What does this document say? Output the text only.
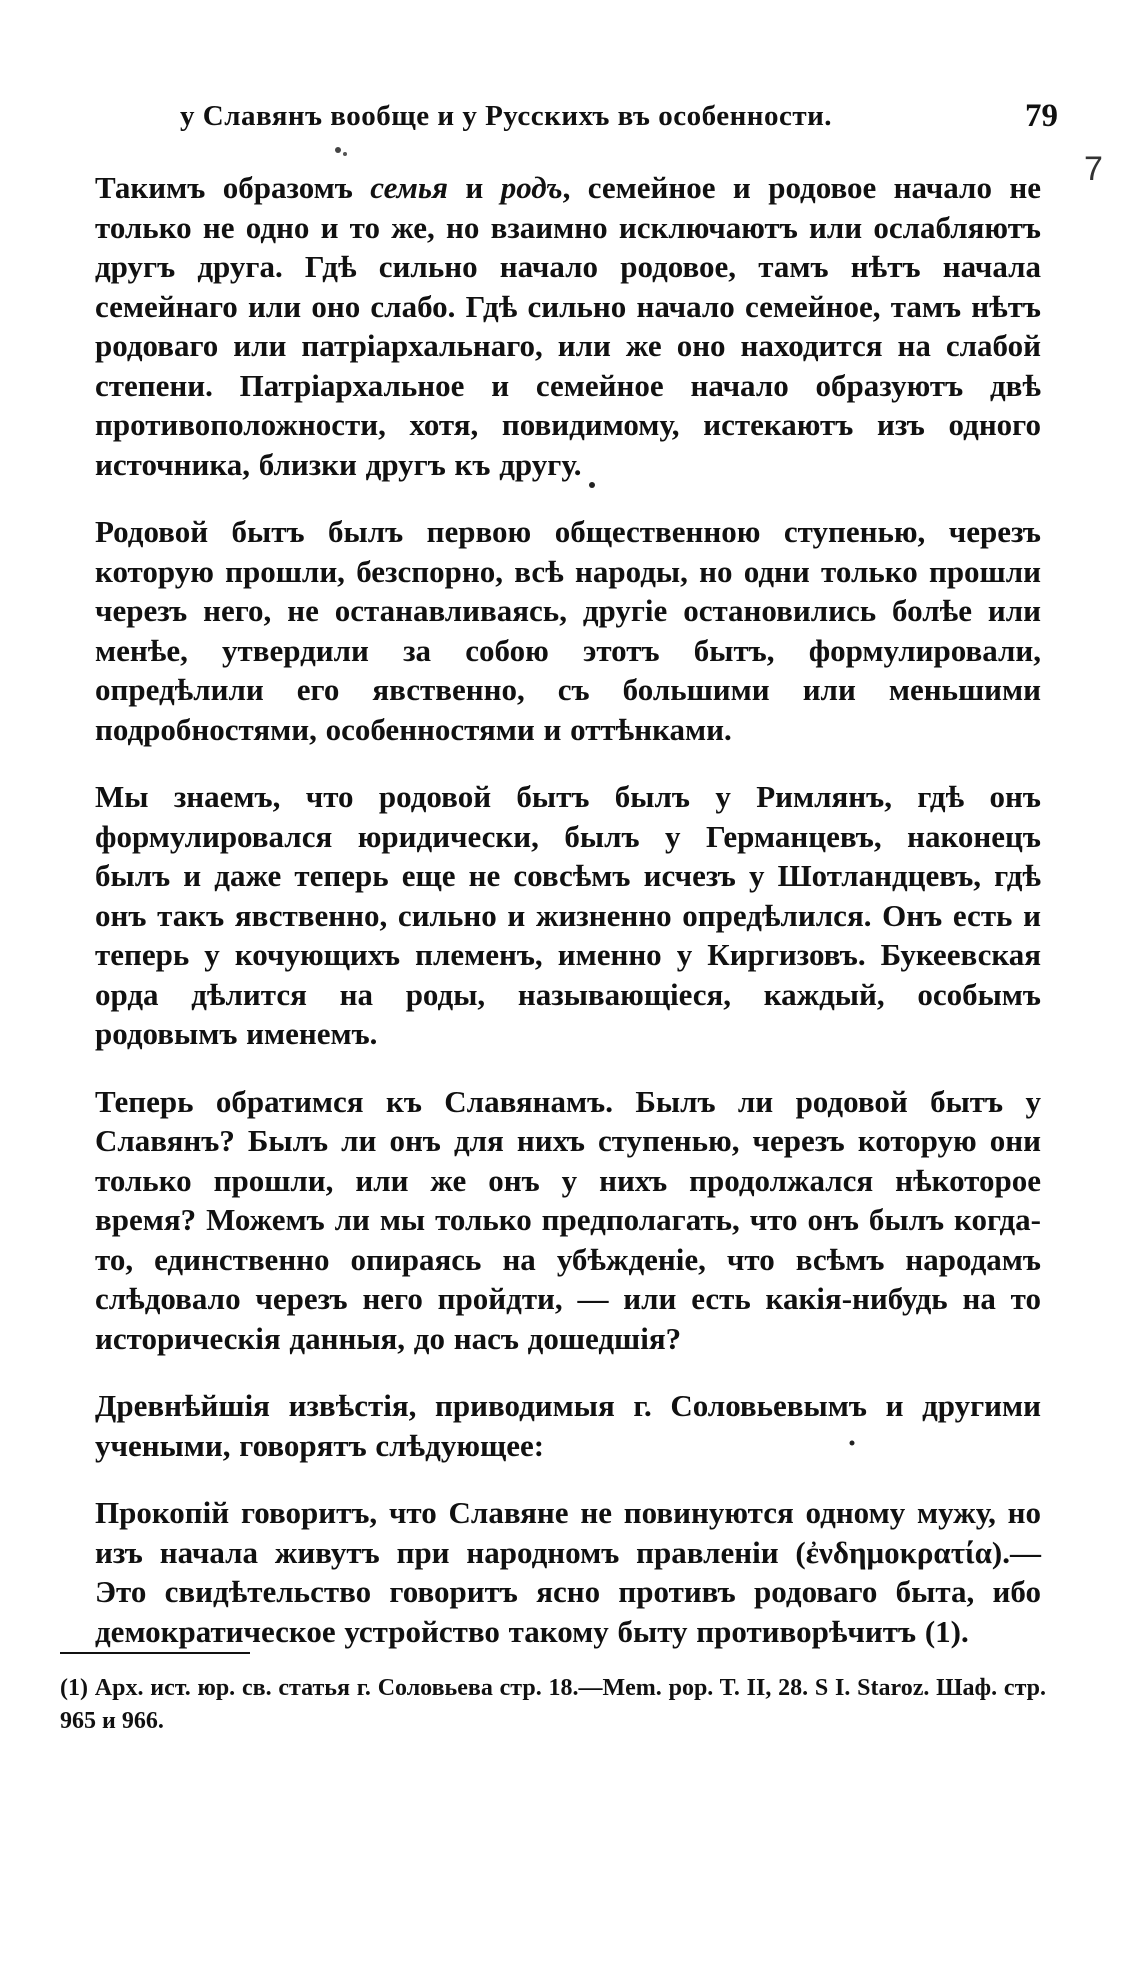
у Славянъ вообще и у Русскихъ въ особенности.	79
7

Такимъ образомъ семья и родъ, семейное и родовое начало не только не одно и то же, но взаимно исключаютъ или ослабляютъ другъ друга. Гдѣ сильно начало родовое, тамъ нѣтъ начала семейнаго или оно слабо. Гдѣ сильно начало семейное, тамъ нѣтъ родоваго или патріархальнаго, или же оно находится на слабой степени. Патріархальное и семейное начало образуютъ двѣ противоположности, хотя, повидимому, истекаютъ изъ одного источника, близки другъ къ другу.

Родовой бытъ былъ первою общественною ступенью, черезъ которую прошли, безспорно, всѣ народы, но одни только прошли черезъ него, не останавливаясь, другіе остановились болѣе или менѣе, утвердили за собою этотъ бытъ, формулировали, опредѣлили его явственно, съ большими или меньшими подробностями, особенностями и оттѣнками.

Мы знаемъ, что родовой бытъ былъ у Римлянъ, гдѣ онъ формулировался юридически, былъ у Германцевъ, наконецъ былъ и даже теперь еще не совсѣмъ исчезъ у Шотландцевъ, гдѣ онъ такъ явственно, сильно и жизненно опредѣлился. Онъ есть и теперь у кочующихъ племенъ, именно у Киргизовъ. Букеевская орда дѣлится на роды, называющіеся, каждый, особымъ родовымъ именемъ.

Теперь обратимся къ Славянамъ. Былъ ли родовой бытъ у Славянъ? Былъ ли онъ для нихъ ступенью, черезъ которую они только прошли, или же онъ у нихъ продолжался нѣкоторое время? Можемъ ли мы только предполагать, что онъ былъ когда-то, единственно опираясь на убѣжденіе, что всѣмъ народамъ слѣдовало черезъ него пройдти, — или есть какія-нибудь на то историческія данныя, до насъ дошедшія?

Древнѣйшія извѣстія, приводимыя г. Соловьевымъ и другими учеными, говорятъ слѣдующее:

Прокопій говоритъ, что Славяне не повинуются одному мужу, но изъ начала живутъ при народномъ правленіи (ἐνδημοκρατία).— Это свидѣтельство говоритъ ясно противъ родоваго быта, ибо демократическое устройство такому быту противорѣчитъ (1).

(1) Арх. ист. юр. св. статья г. Соловьева стр. 18.—Mem. pop. T. II, 28. S I. Staroz. Шаф. стр. 965 и 966.
